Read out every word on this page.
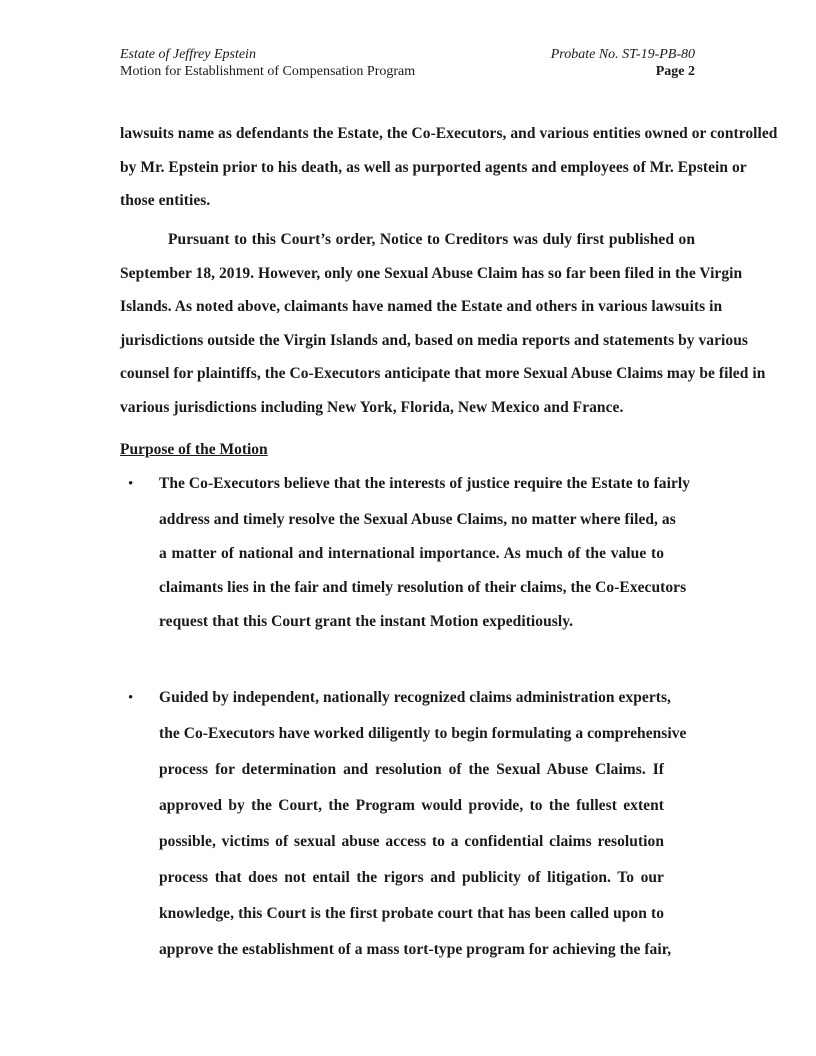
Estate of Jeffrey Epstein
Motion for Establishment of Compensation Program
Probate No. ST-19-PB-80
Page 2
lawsuits name as defendants the Estate, the Co-Executors, and various entities owned or controlled
by Mr. Epstein prior to his death, as well as purported agents and employees of Mr. Epstein or
those entities.
Pursuant to this Court’s order, Notice to Creditors was duly first published on
September 18, 2019. However, only one Sexual Abuse Claim has so far been filed in the Virgin
Islands. As noted above, claimants have named the Estate and others in various lawsuits in
jurisdictions outside the Virgin Islands and, based on media reports and statements by various
counsel for plaintiffs, the Co-Executors anticipate that more Sexual Abuse Claims may be filed in
various jurisdictions including New York, Florida, New Mexico and France.
The Co-Executors believe that the interests of justice require the Estate to fairly
address and timely resolve the Sexual Abuse Claims, no matter where filed, as
a matter of national and international importance. As much of the value to
claimants lies in the fair and timely resolution of their claims, the Co-Executors
request that this Court grant the instant Motion expeditiously.
Guided by independent, nationally recognized claims administration experts,
the Co-Executors have worked diligently to begin formulating a comprehensive
process for determination and resolution of the Sexual Abuse Claims. If
approved by the Court, the Program would provide, to the fullest extent
possible, victims of sexual abuse access to a confidential claims resolution
process that does not entail the rigors and publicity of litigation. To our
knowledge, this Court is the first probate court that has been called upon to
approve the establishment of a mass tort-type program for achieving the fair,
Purpose of the Motion
•
•
